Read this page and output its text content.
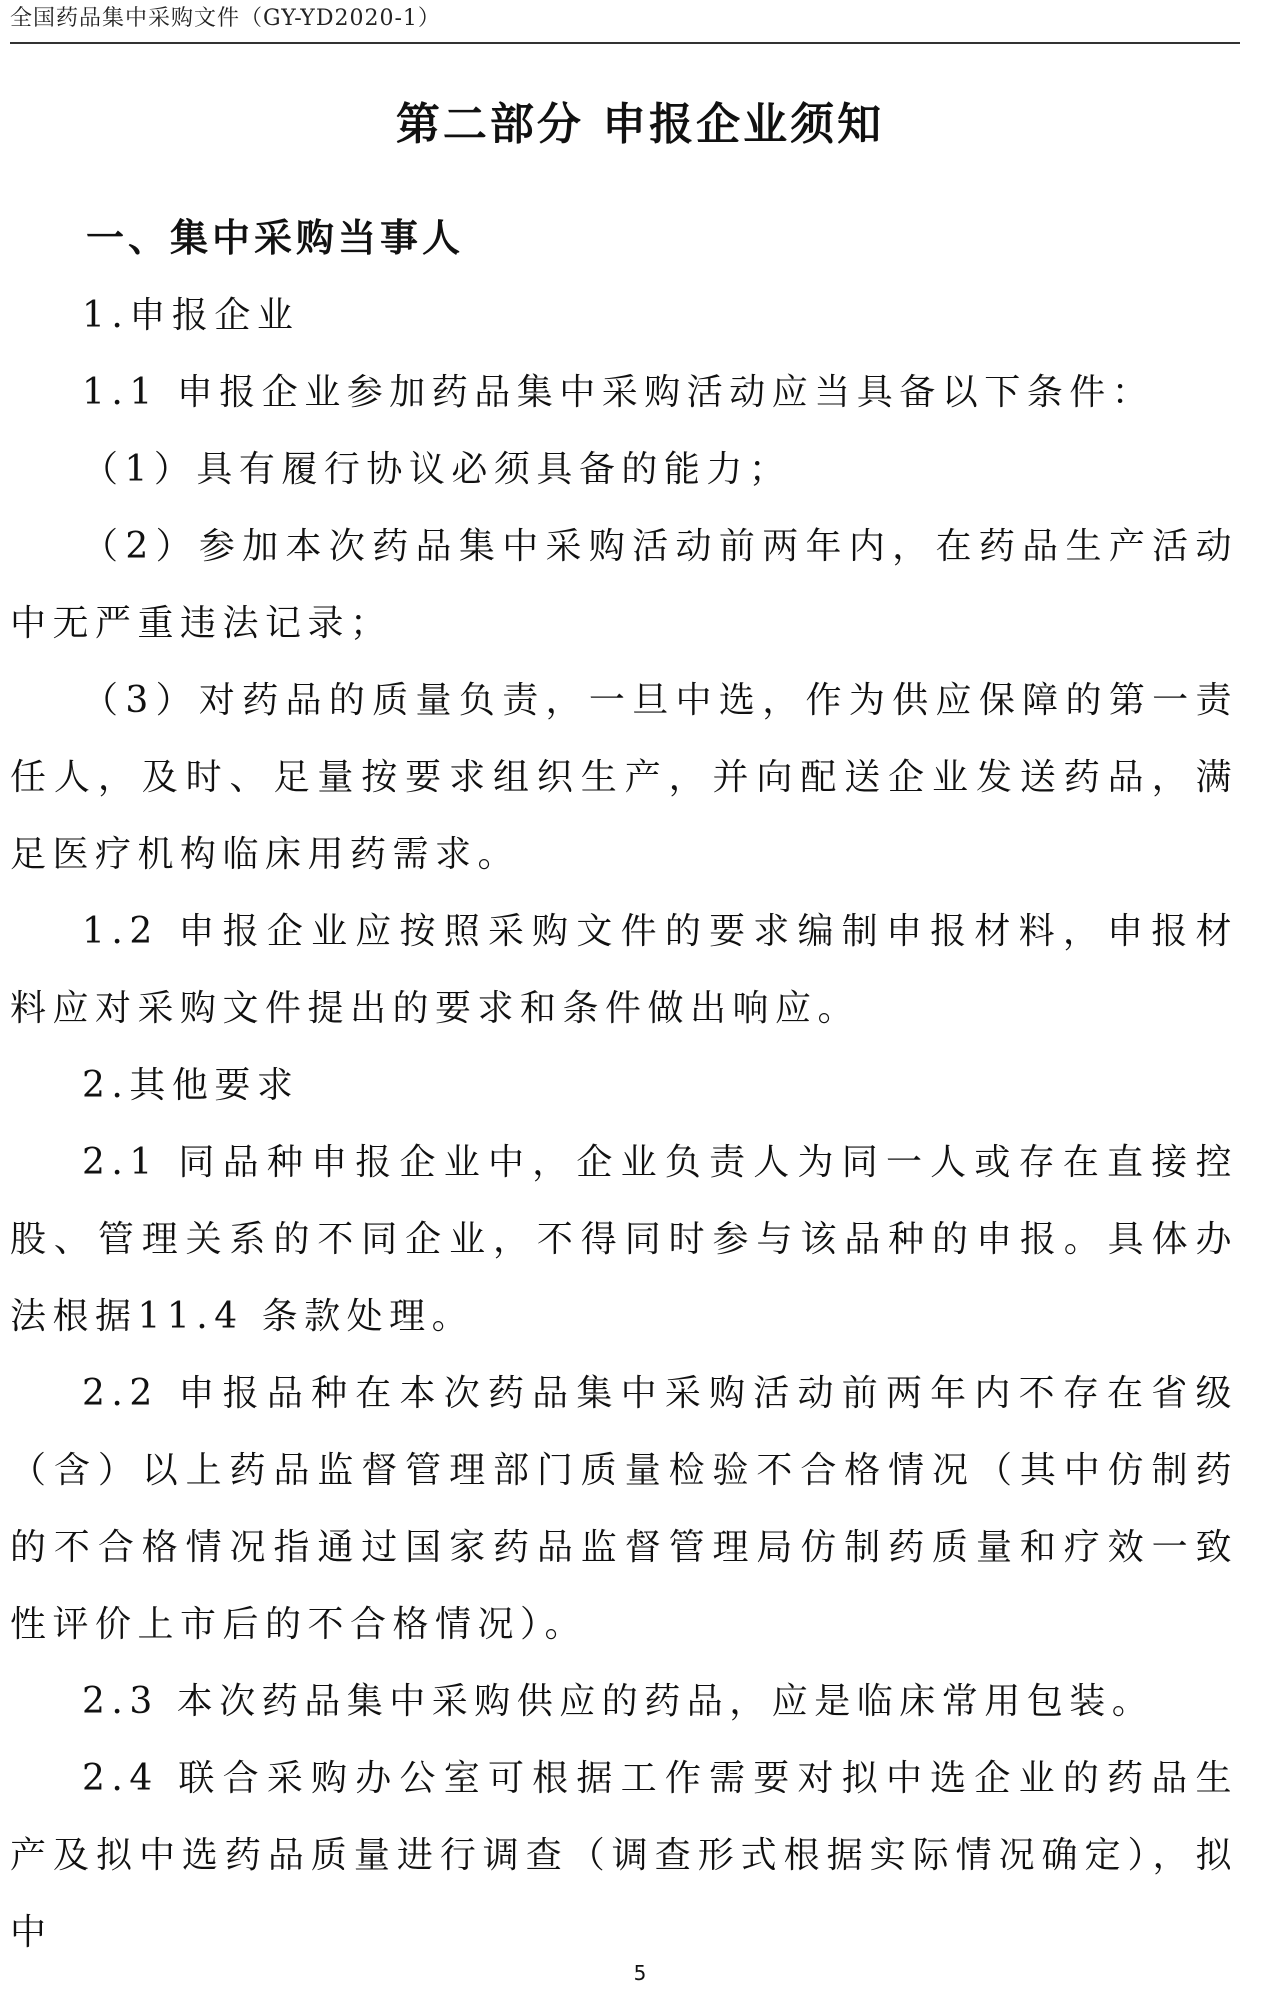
全国药品集中采购文件（GY-YD2020-1）
第二部分 申报企业须知

一、集中采购当事人

1.申报企业

1.1 申报企业参加药品集中采购活动应当具备以下条件：

（1）具有履行协议必须具备的能力；

（2）参加本次药品集中采购活动前两年内，在药品生产活动中无严重违法记录；

（3）对药品的质量负责，一旦中选，作为供应保障的第一责任人，及时、足量按要求组织生产，并向配送企业发送药品，满足医疗机构临床用药需求。

1.2 申报企业应按照采购文件的要求编制申报材料，申报材料应对采购文件提出的要求和条件做出响应。

2.其他要求

2.1 同品种申报企业中，企业负责人为同一人或存在直接控股、管理关系的不同企业，不得同时参与该品种的申报。具体办法根据11.4 条款处理。

2.2 申报品种在本次药品集中采购活动前两年内不存在省级（含）以上药品监督管理部门质量检验不合格情况（其中仿制药的不合格情况指通过国家药品监督管理局仿制药质量和疗效一致性评价上市后的不合格情况）。

2.3 本次药品集中采购供应的药品，应是临床常用包装。

2.4 联合采购办公室可根据工作需要对拟中选企业的药品生产及拟中选药品质量进行调查（调查形式根据实际情况确定），拟中

5
